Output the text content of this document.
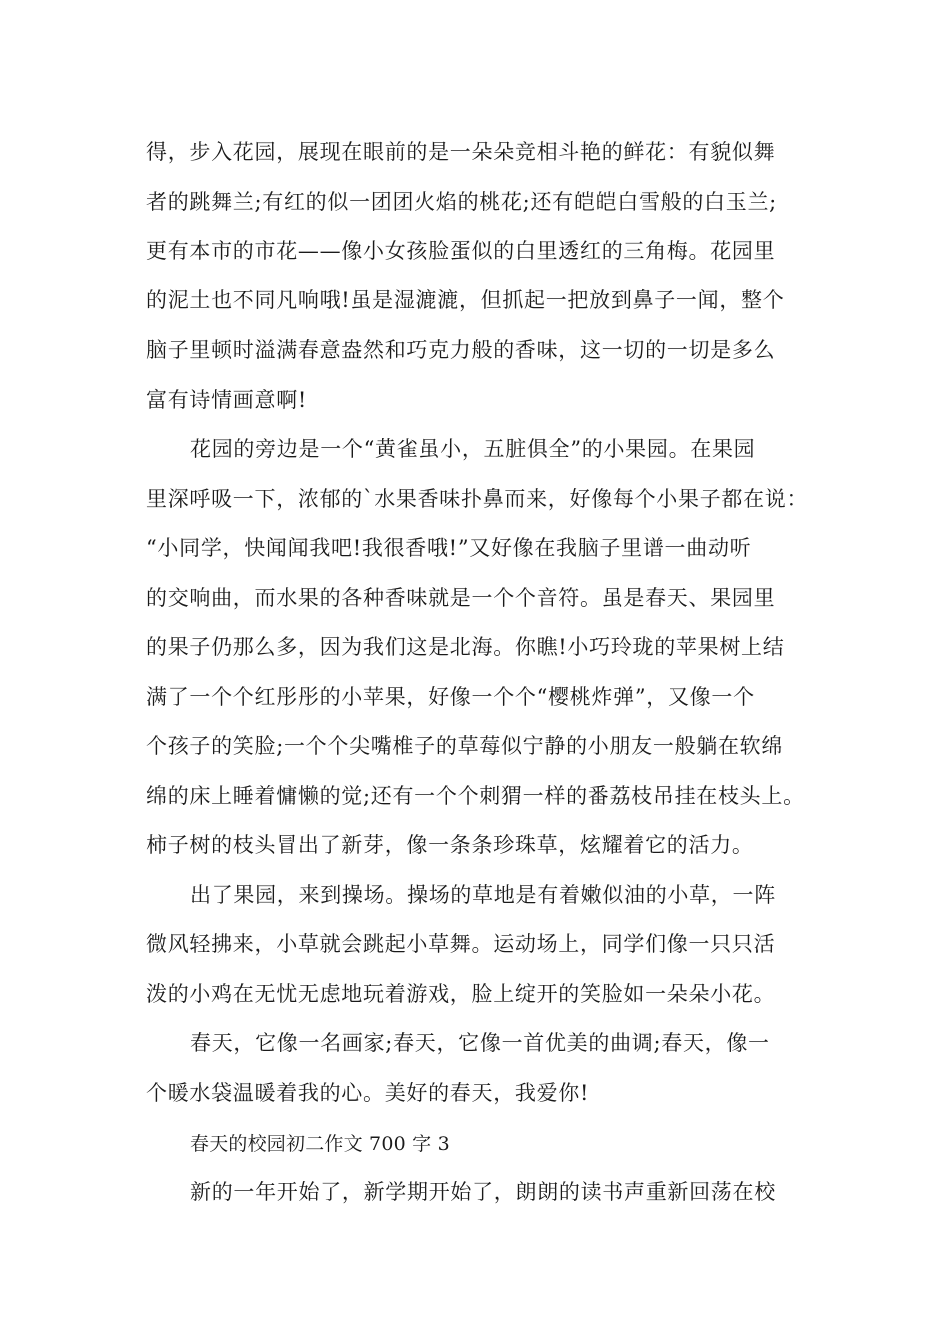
得，步入花园，展现在眼前的是一朵朵竞相斗艳的鲜花：有貌似舞

者的跳舞兰;有红的似一团团火焰的桃花;还有皑皑白雪般的白玉兰;

更有本市的市花——像小女孩脸蛋似的白里透红的三角梅。花园里

的泥土也不同凡响哦!虽是湿漉漉，但抓起一把放到鼻子一闻，整个

脑子里顿时溢满春意盎然和巧克力般的香味，这一切的一切是多么

富有诗情画意啊!

花园的旁边是一个“黄雀虽小，五脏俱全”的小果园。在果园

里深呼吸一下，浓郁的`水果香味扑鼻而来，好像每个小果子都在说：

“小同学，快闻闻我吧!我很香哦!”又好像在我脑子里谱一曲动听

的交响曲，而水果的各种香味就是一个个音符。虽是春天、果园里

的果子仍那么多，因为我们这是北海。你瞧!小巧玲珑的苹果树上结

满了一个个红彤彤的小苹果，好像一个个“樱桃炸弹”，又像一个

个孩子的笑脸;一个个尖嘴椎子的草莓似宁静的小朋友一般躺在软绵

绵的床上睡着慵懒的觉;还有一个个刺猬一样的番荔枝吊挂在枝头上。

柿子树的枝头冒出了新芽，像一条条珍珠草，炫耀着它的活力。

出了果园，来到操场。操场的草地是有着嫩似油的小草，一阵

微风轻拂来，小草就会跳起小草舞。运动场上，同学们像一只只活

泼的小鸡在无忧无虑地玩着游戏，脸上绽开的笑脸如一朵朵小花。

春天，它像一名画家;春天，它像一首优美的曲调;春天，像一

个暖水袋温暖着我的心。美好的春天，我爱你!

春天的校园初二作文 700 字 3

新的一年开始了，新学期开始了，朗朗的读书声重新回荡在校
